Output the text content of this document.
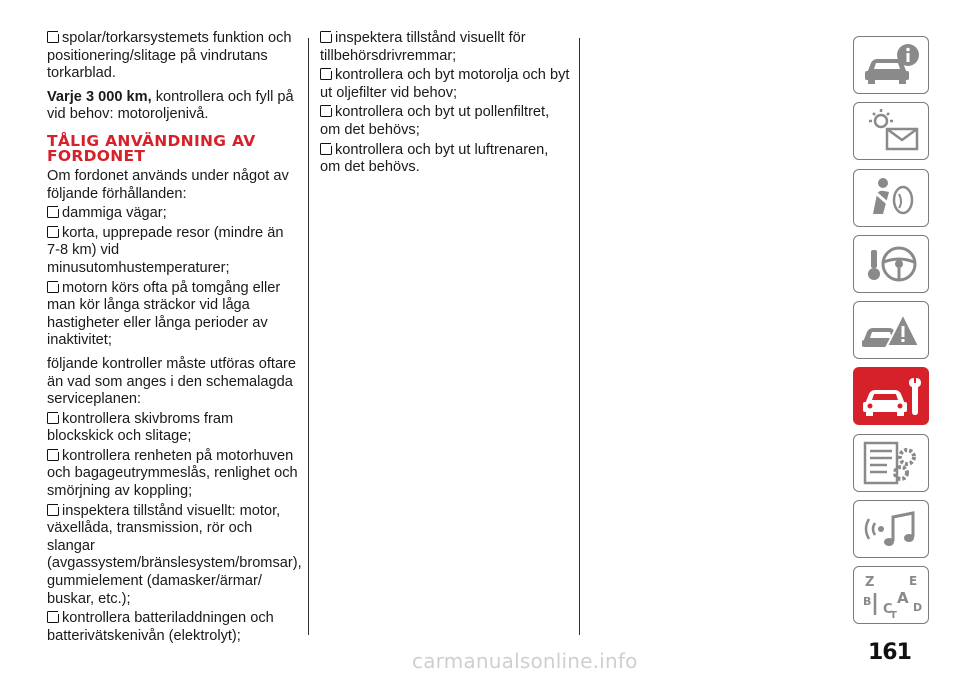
spolar/torkarsystemets funktion och positionering/slitage på vindrutans torkarblad.
Varje 3 000 km, kontrollera och fyll på vid behov: motoroljenivå.
TÅLIG ANVÄNDNING AV FORDONET
Om fordonet används under något av följande förhållanden:
dammiga vägar;
korta, upprepade resor (mindre än 7-8 km) vid minusutomhustemperaturer;
motorn körs ofta på tomgång eller man kör långa sträckor vid låga hastigheter eller långa perioder av inaktivitet;
följande kontroller måste utföras oftare än vad som anges i den schemalagda serviceplanen:
kontrollera skivbroms fram blockskick och slitage;
kontrollera renheten på motorhuven och bagageutrymmeslås, renlighet och smörjning av koppling;
inspektera tillstånd visuellt: motor, växellåda, transmission, rör och slangar (avgassystem/bränslesystem/bromsar), gummielement (damasker/ärmar/ buskar, etc.);
kontrollera batteriladdningen och batterivätskenivån (elektrolyt);
inspektera tillstånd visuellt för tillbehörsdrivremmar;
kontrollera och byt motorolja och byt ut oljefilter vid behov;
kontrollera och byt ut pollenfiltret, om det behövs;
kontrollera och byt ut luftrenaren, om det behövs.
Z	E
B A
C D
T
161
carmanualsonline.info
